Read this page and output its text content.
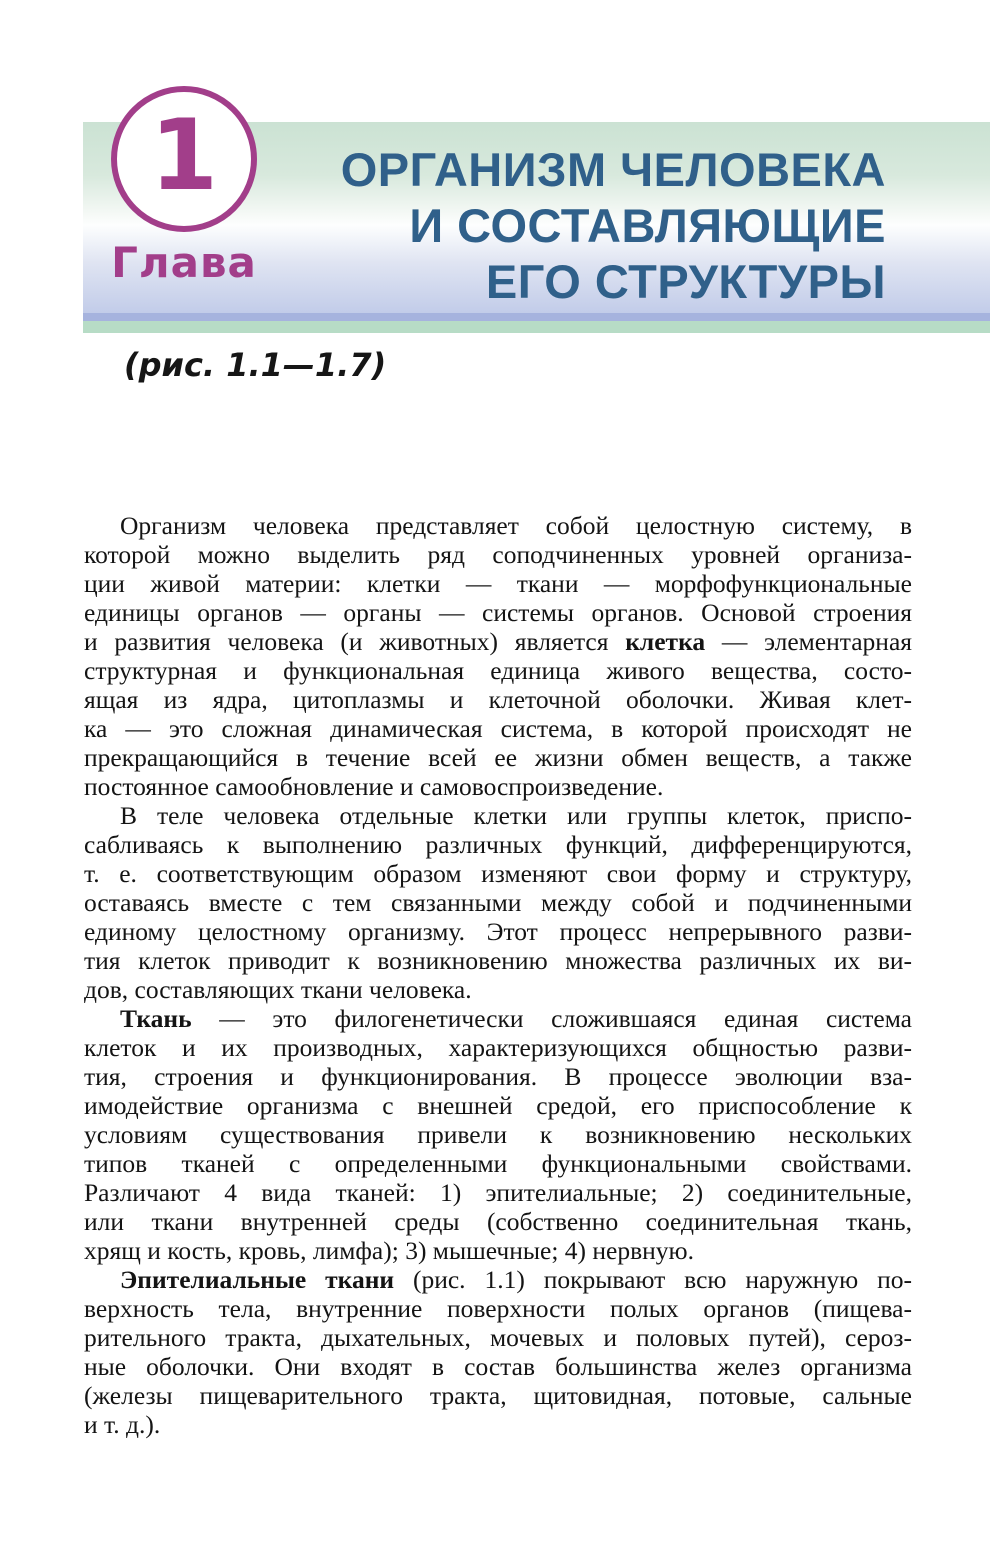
1
Глава
ОРГАНИЗМ ЧЕЛОВЕКА
И СОСТАВЛЯЮЩИЕ
ЕГО СТРУКТУРЫ
(рис. 1.1—1.7)
Организм человека представляет собой целостную систему, в
которой можно выделить ряд соподчиненных уровней организа-
ции живой материи: клетки — ткани — морфофункциональные
единицы органов — органы — системы органов. Основой строения
и развития человека (и животных) является клетка — элементарная
структурная и функциональная единица живого вещества, состо-
ящая из ядра, цитоплазмы и клеточной оболочки. Живая клет-
ка — это сложная динамическая система, в которой происходят не
прекращающийся в течение всей ее жизни обмен веществ, а также
постоянное самообновление и самовоспроизведение.
В теле человека отдельные клетки или группы клеток, приспо-
сабливаясь к выполнению различных функций, дифференцируются,
т. е. соответствующим образом изменяют свои форму и структуру,
оставаясь вместе с тем связанными между собой и подчиненными
единому целостному организму. Этот процесс непрерывного разви-
тия клеток приводит к возникновению множества различных их ви-
дов, составляющих ткани человека.
Ткань — это филогенетически сложившаяся единая система
клеток и их производных, характеризующихся общностью разви-
тия, строения и функционирования. В процессе эволюции вза-
имодействие организма с внешней средой, его приспособление к
условиям существования привели к возникновению нескольких
типов тканей с определенными функциональными свойствами.
Различают 4 вида тканей: 1) эпителиальные; 2) соединительные,
или ткани внутренней среды (собственно соединительная ткань,
хрящ и кость, кровь, лимфа); 3) мышечные; 4) нервную.
Эпителиальные ткани (рис. 1.1) покрывают всю наружную по-
верхность тела, внутренние поверхности полых органов (пищева-
рительного тракта, дыхательных, мочевых и половых путей), сероз-
ные оболочки. Они входят в состав большинства желез организма
(железы пищеварительного тракта, щитовидная, потовые, сальные
и т. д.).
